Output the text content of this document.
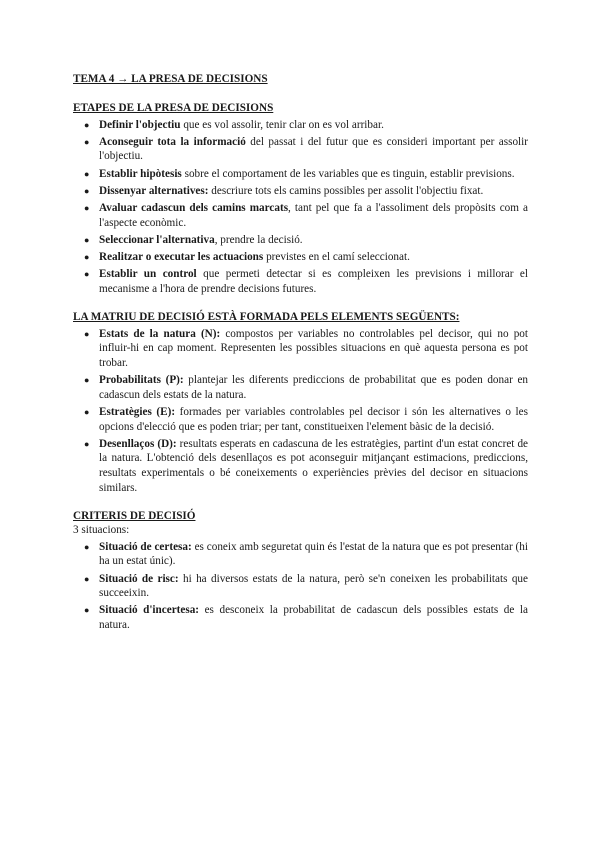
TEMA 4 → LA PRESA DE DECISIONS

ETAPES DE LA PRESA DE DECISIONS

● Definir l'objectiu que es vol assolir, tenir clar on es vol arribar.
● Aconseguir tota la informació del passat i del futur que es consideri important per assolir l'objectiu.
● Establir hipòtesis sobre el comportament de les variables que es tinguin, establir previsions.
● Dissenyar alternatives: descriure tots els camins possibles per assolit l'objectiu fixat.
● Avaluar cadascun dels camins marcats, tant pel que fa a l'assoliment dels propòsits com a l'aspecte econòmic.
● Seleccionar l'alternativa, prendre la decisió.
● Realitzar o executar les actuacions previstes en el camí seleccionat.
● Establir un control que permeti detectar si es compleixen les previsions i millorar el mecanisme a l'hora de prendre decisions futures.

LA MATRIU DE DECISIÓ ESTÀ FORMADA PELS ELEMENTS SEGÜENTS:

● Estats de la natura (N): compostos per variables no controlables pel decisor, qui no pot influir-hi en cap moment. Representen les possibles situacions en què aquesta persona es pot trobar.
● Probabilitats (P): plantejar les diferents prediccions de probabilitat que es poden donar en cadascun dels estats de la natura.
● Estratègies (E): formades per variables controlables pel decisor i són les alternatives o les opcions d'elecció que es poden triar; per tant, constitueixen l'element bàsic de la decisió.
● Desenllaços (D): resultats esperats en cadascuna de les estratègies, partint d'un estat concret de la natura. L'obtenció dels desenllaços es pot aconseguir mitjançant estimacions, prediccions, resultats experimentals o bé coneixements o experiències prèvies del decisor en situacions similars.

CRITERIS DE DECISIÓ

3 situacions:

● Situació de certesa: es coneix amb seguretat quin és l'estat de la natura que es pot presentar (hi ha un estat únic).
● Situació de risc: hi ha diversos estats de la natura, però se'n coneixen les probabilitats que succeeixin.
● Situació d'incertesa: es desconeix la probabilitat de cadascun dels possibles estats de la natura.
